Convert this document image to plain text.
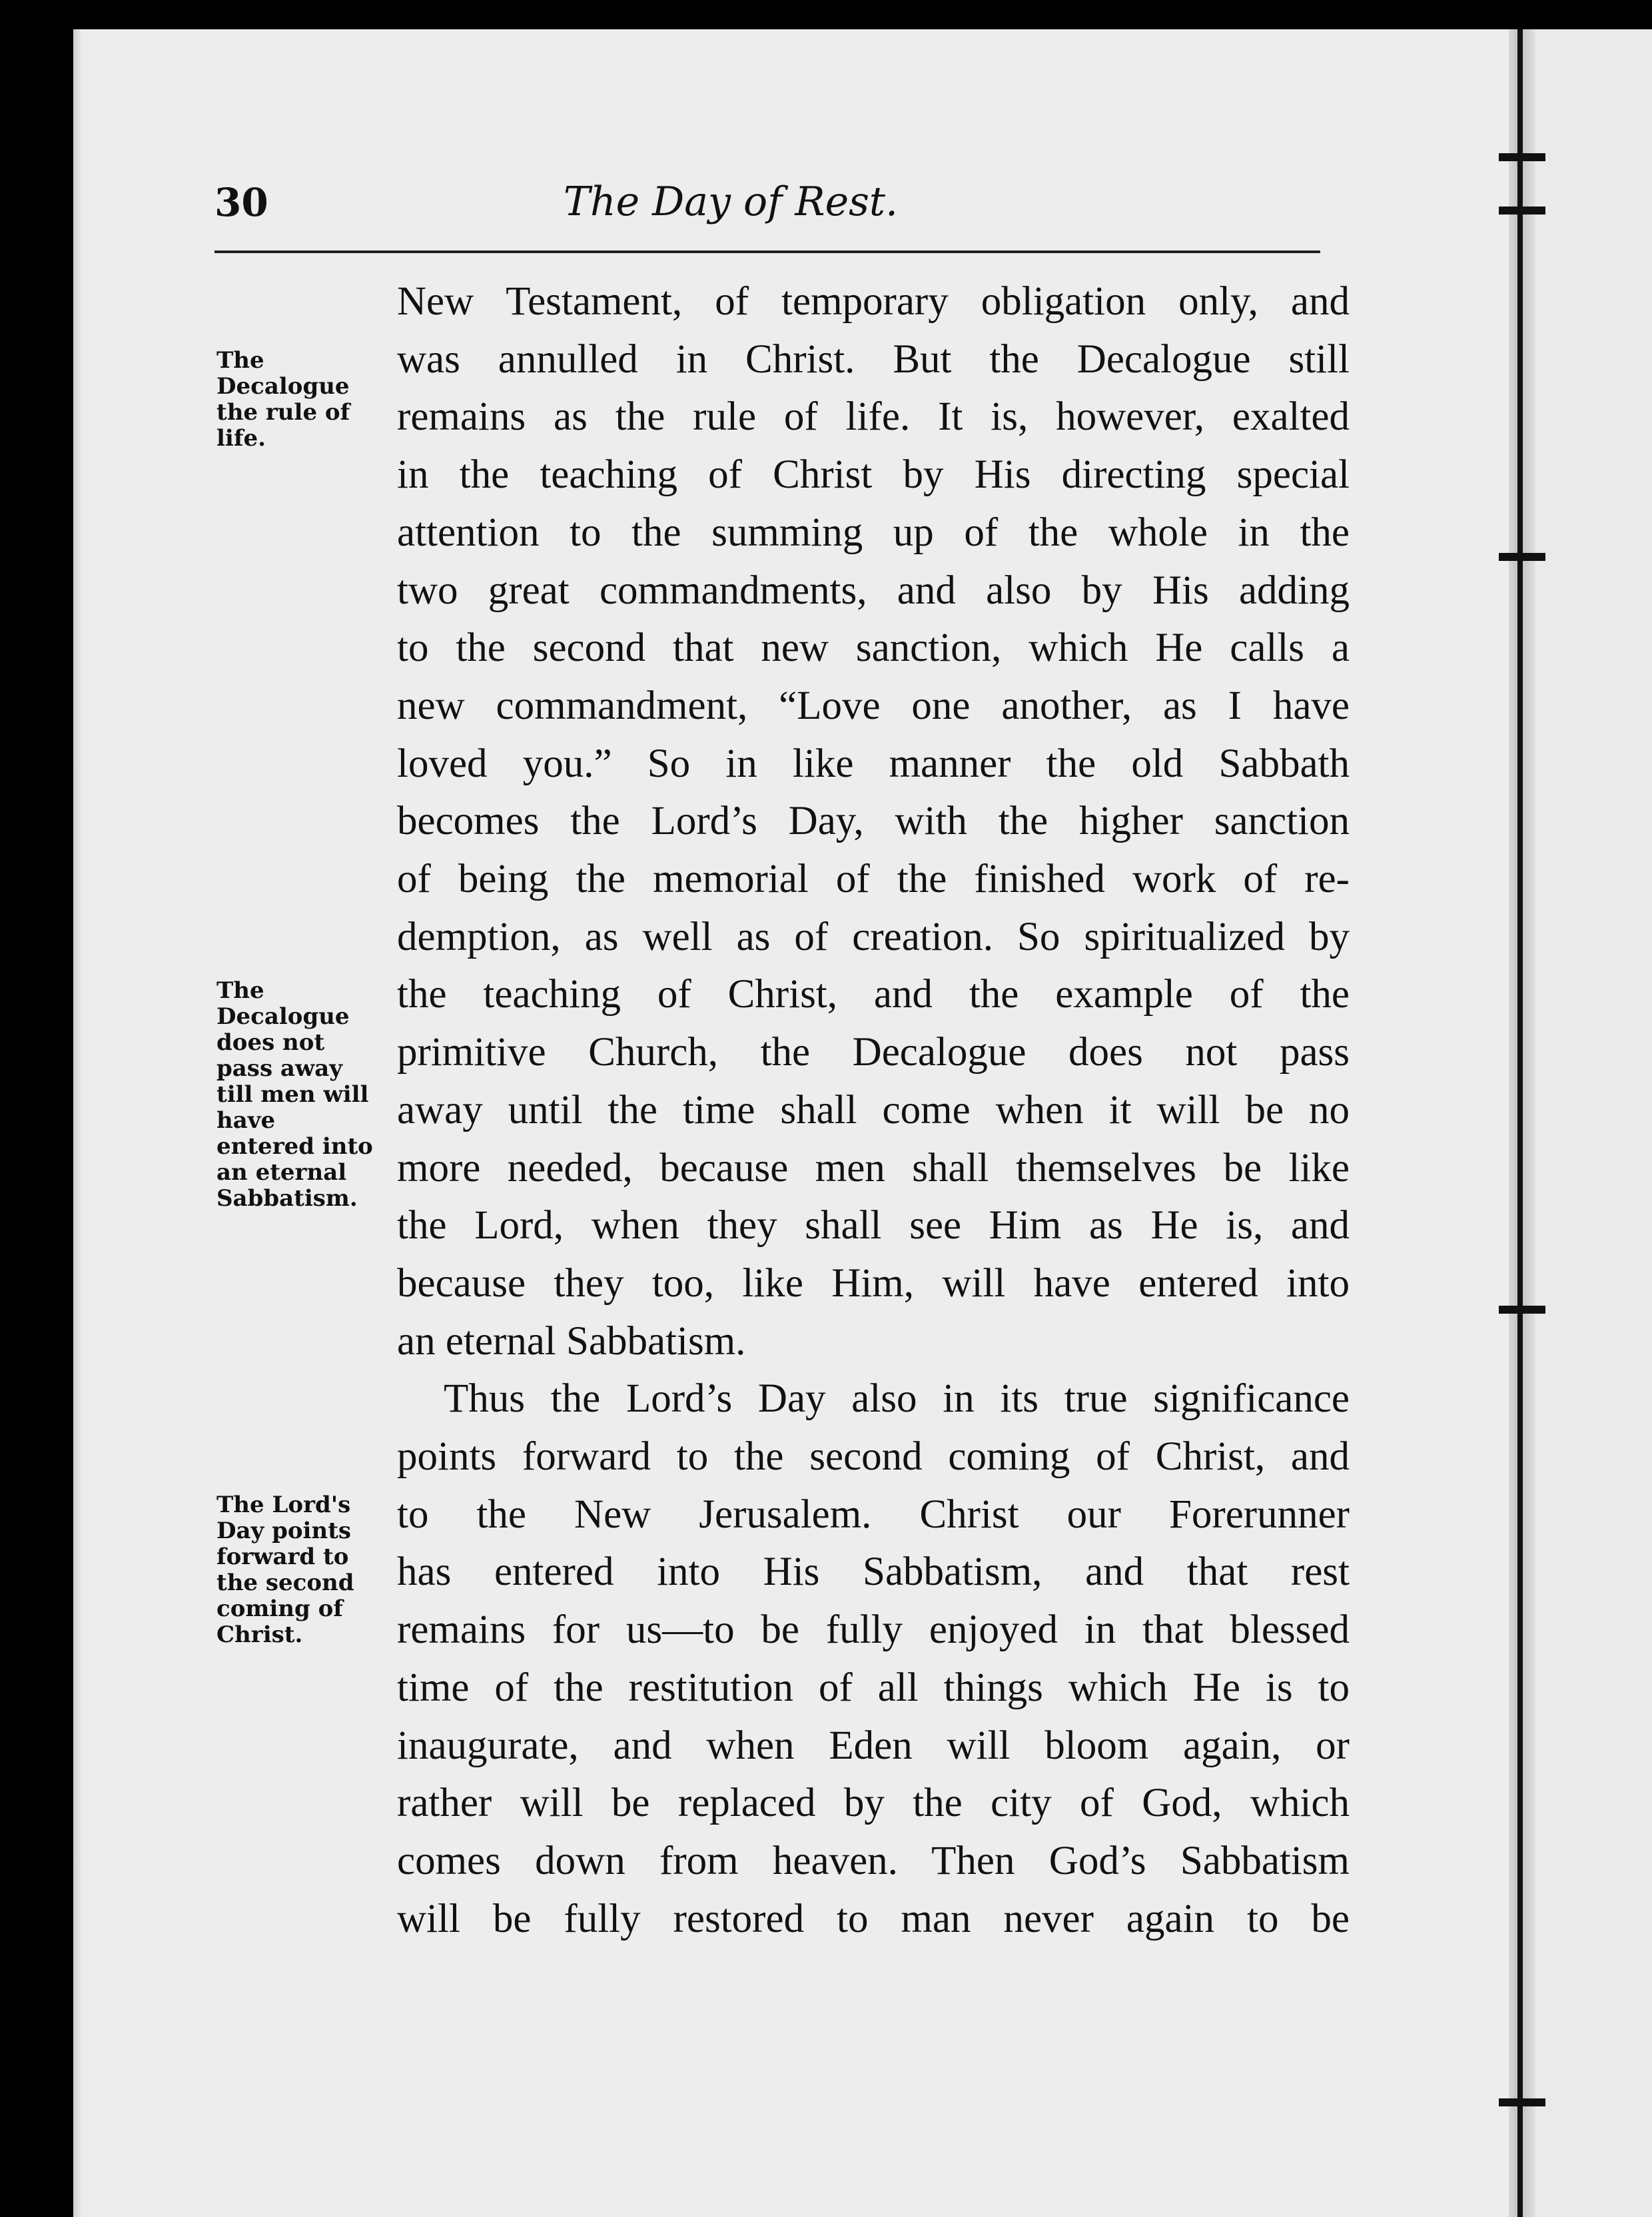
30	The Day of Rest.
The Decalogue the rule of life.
The Decalogue does not pass away till men will have entered into an eternal Sabbatism.
The Lord's Day points forward to the second coming of Christ.

New Testament, of temporary obligation only, and
was annulled in Christ. But the Decalogue still
remains as the rule of life. It is, however, exalted
in the teaching of Christ by His directing special
attention to the summing up of the whole in the
two great commandments, and also by His adding
to the second that new sanction, which He calls a
new commandment, “Love one another, as I have
loved you.” So in like manner the old Sabbath
becomes the Lord’s Day, with the higher sanction
of being the memorial of the finished work of re-
demption, as well as of creation. So spiritualized by
the teaching of Christ, and the example of the
primitive Church, the Decalogue does not pass
away until the time shall come when it will be no
more needed, because men shall themselves be like
the Lord, when they shall see Him as He is, and
because they too, like Him, will have entered into
an eternal Sabbatism.

Thus the Lord’s Day also in its true significance
points forward to the second coming of Christ, and
to the New Jerusalem. Christ our Forerunner
has entered into His Sabbatism, and that rest
remains for us—to be fully enjoyed in that blessed
time of the restitution of all things which He is to
inaugurate, and when Eden will bloom again, or
rather will be replaced by the city of God, which
comes down from heaven. Then God’s Sabbatism
will be fully restored to man never again to be
